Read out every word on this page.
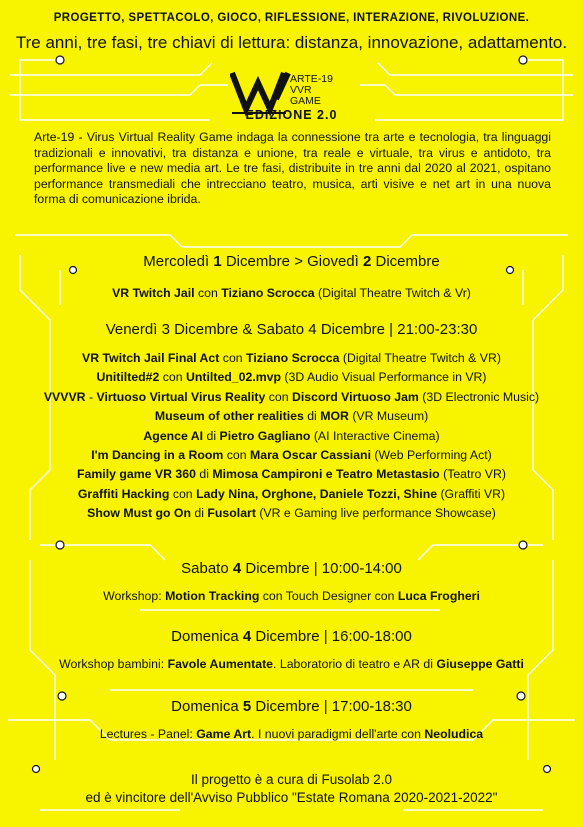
PROGETTO, SPETTACOLO, GIOCO, RIFLESSIONE, INTERAZIONE, RIVOLUZIONE.
Tre anni, tre fasi, tre chiavi di lettura: distanza, innovazione, adattamento.
ARTE-19
VVR
GAME
EDIZIONE 2.0
Arte-19 - Virus Virtual Reality Game indaga la connessione tra arte e tecnologia, tra linguaggi tradizionali e innovativi, tra distanza e unione, tra reale e virtuale, tra virus e antidoto, tra performance live e new media art. Le tre fasi, distribuite in tre anni dal 2020 al 2021, ospitano performance transmediali che intrecciano teatro, musica, arti visive e net art in una nuova forma di comunicazione ibrida.
Mercoledì 1 Dicembre > Giovedì 2 Dicembre
VR Twitch Jail con Tiziano Scrocca (Digital Theatre Twitch & Vr)
Venerdì 3 Dicembre & Sabato 4 Dicembre | 21:00-23:30
VR Twitch Jail Final Act con Tiziano Scrocca (Digital Theatre Twitch & VR)
Unitilted#2 con Untilted_02.mvp (3D Audio Visual Performance in VR)
VVVVR - Virtuoso Virtual Virus Reality con Discord Virtuoso Jam (3D Electronic Music)
Museum of other realities di MOR (VR Museum)
Agence AI di Pietro Gagliano (AI Interactive Cinema)
I'm Dancing in a Room con Mara Oscar Cassiani (Web Performing Act)
Family game VR 360 di Mimosa Campironi e Teatro Metastasio (Teatro VR)
Graffiti Hacking con Lady Nina, Orghone, Daniele Tozzi, Shine (Graffiti VR)
Show Must go On di Fusolart (VR e Gaming live performance Showcase)
Sabato 4 Dicembre | 10:00-14:00
Workshop: Motion Tracking con Touch Designer con Luca Frogheri
Domenica 4 Dicembre | 16:00-18:00
Workshop bambini: Favole Aumentate. Laboratorio di teatro e AR di Giuseppe Gatti
Domenica 5 Dicembre | 17:00-18:30
Lectures - Panel: Game Art. I nuovi paradigmi dell'arte con Neoludica
Il progetto è a cura di Fusolab 2.0
ed è vincitore dell'Avviso Pubblico "Estate Romana 2020-2021-2022"
